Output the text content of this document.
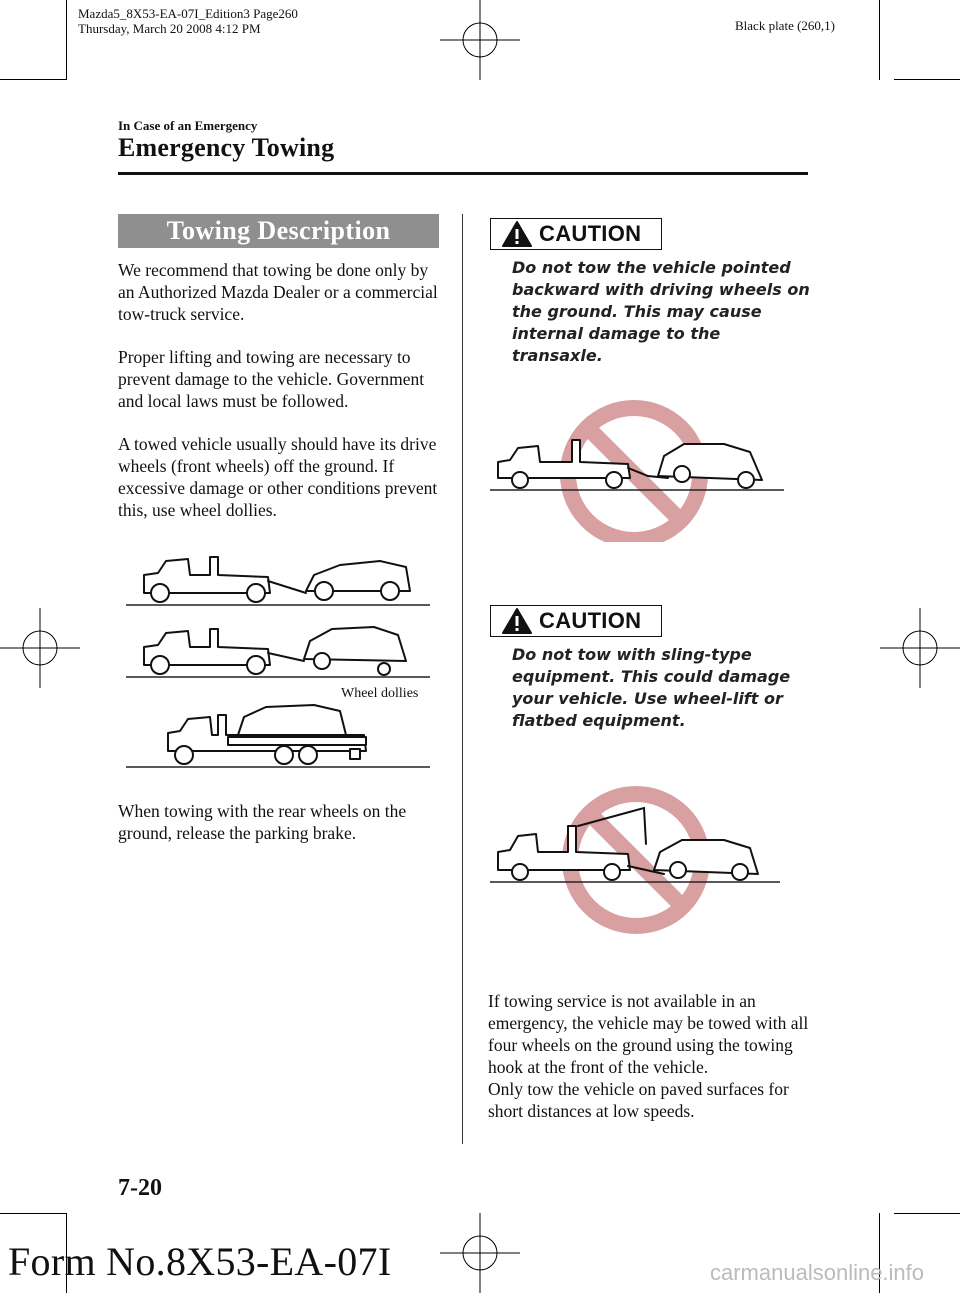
Mazda5_8X53-EA-07I_Edition3 Page260
Thursday, March 20 2008 4:12 PM	Black plate (260,1)
In Case of an Emergency
Emergency Towing
Towing Description

We recommend that towing be done only by an Authorized Mazda Dealer or a commercial tow-truck service.

Proper lifting and towing are necessary to prevent damage to the vehicle. Government and local laws must be followed.

A towed vehicle usually should have its drive wheels (front wheels) off the ground. If excessive damage or other conditions prevent this, use wheel dollies.

Wheel dollies
When towing with the rear wheels on the ground, release the parking brake.
CAUTION
Do not tow the vehicle pointed backward with driving wheels on the ground. This may cause internal damage to the transaxle.
CAUTION
Do not tow with sling-type equipment. This could damage your vehicle. Use wheel-lift or flatbed equipment.
If towing service is not available in an emergency, the vehicle may be towed with all four wheels on the ground using the towing hook at the front of the vehicle.
Only tow the vehicle on paved surfaces for short distances at low speeds.
7-20
Form No.8X53-EA-07I	carmanualsonline.info
